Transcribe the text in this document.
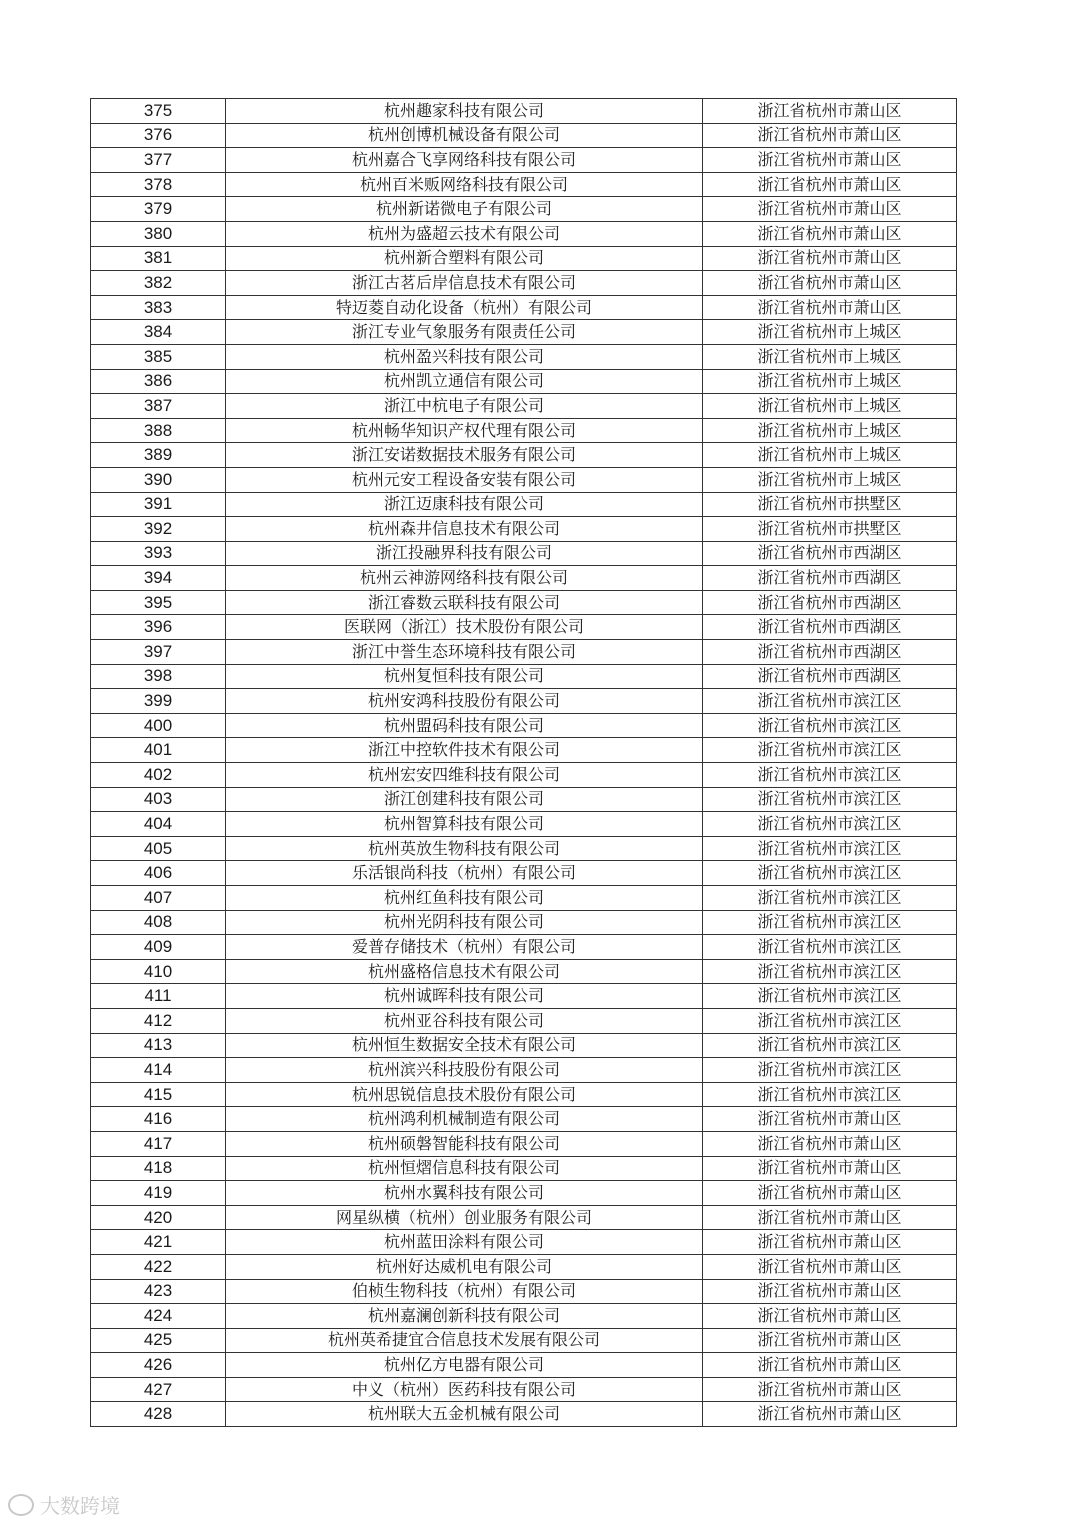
375	杭州趣家科技有限公司	浙江省杭州市萧山区
376	杭州创博机械设备有限公司	浙江省杭州市萧山区
377	杭州嘉合飞享网络科技有限公司	浙江省杭州市萧山区
378	杭州百米贩网络科技有限公司	浙江省杭州市萧山区
379	杭州新诺微电子有限公司	浙江省杭州市萧山区
380	杭州为盛超云技术有限公司	浙江省杭州市萧山区
381	杭州新合塑料有限公司	浙江省杭州市萧山区
382	浙江古茗后岸信息技术有限公司	浙江省杭州市萧山区
383	特迈菱自动化设备（杭州）有限公司	浙江省杭州市萧山区
384	浙江专业气象服务有限责任公司	浙江省杭州市上城区
385	杭州盈兴科技有限公司	浙江省杭州市上城区
386	杭州凯立通信有限公司	浙江省杭州市上城区
387	浙江中杭电子有限公司	浙江省杭州市上城区
388	杭州畅华知识产权代理有限公司	浙江省杭州市上城区
389	浙江安诺数据技术服务有限公司	浙江省杭州市上城区
390	杭州元安工程设备安装有限公司	浙江省杭州市上城区
391	浙江迈康科技有限公司	浙江省杭州市拱墅区
392	杭州森井信息技术有限公司	浙江省杭州市拱墅区
393	浙江投融界科技有限公司	浙江省杭州市西湖区
394	杭州云神游网络科技有限公司	浙江省杭州市西湖区
395	浙江睿数云联科技有限公司	浙江省杭州市西湖区
396	医联网（浙江）技术股份有限公司	浙江省杭州市西湖区
397	浙江中誉生态环境科技有限公司	浙江省杭州市西湖区
398	杭州复恒科技有限公司	浙江省杭州市西湖区
399	杭州安鸿科技股份有限公司	浙江省杭州市滨江区
400	杭州盟码科技有限公司	浙江省杭州市滨江区
401	浙江中控软件技术有限公司	浙江省杭州市滨江区
402	杭州宏安四维科技有限公司	浙江省杭州市滨江区
403	浙江创建科技有限公司	浙江省杭州市滨江区
404	杭州智算科技有限公司	浙江省杭州市滨江区
405	杭州英放生物科技有限公司	浙江省杭州市滨江区
406	乐活银尚科技（杭州）有限公司	浙江省杭州市滨江区
407	杭州红鱼科技有限公司	浙江省杭州市滨江区
408	杭州光阴科技有限公司	浙江省杭州市滨江区
409	爱普存储技术（杭州）有限公司	浙江省杭州市滨江区
410	杭州盛格信息技术有限公司	浙江省杭州市滨江区
411	杭州诚晖科技有限公司	浙江省杭州市滨江区
412	杭州亚谷科技有限公司	浙江省杭州市滨江区
413	杭州恒生数据安全技术有限公司	浙江省杭州市滨江区
414	杭州滨兴科技股份有限公司	浙江省杭州市滨江区
415	杭州思锐信息技术股份有限公司	浙江省杭州市滨江区
416	杭州鸿利机械制造有限公司	浙江省杭州市萧山区
417	杭州硕磐智能科技有限公司	浙江省杭州市萧山区
418	杭州恒熠信息科技有限公司	浙江省杭州市萧山区
419	杭州水翼科技有限公司	浙江省杭州市萧山区
420	网星纵横（杭州）创业服务有限公司	浙江省杭州市萧山区
421	杭州蓝田涂料有限公司	浙江省杭州市萧山区
422	杭州好达威机电有限公司	浙江省杭州市萧山区
423	伯桢生物科技（杭州）有限公司	浙江省杭州市萧山区
424	杭州嘉澜创新科技有限公司	浙江省杭州市萧山区
425	杭州英希捷宜合信息技术发展有限公司	浙江省杭州市萧山区
426	杭州亿方电器有限公司	浙江省杭州市萧山区
427	中义（杭州）医药科技有限公司	浙江省杭州市萧山区
428	杭州联大五金机械有限公司	浙江省杭州市萧山区
大数跨境
